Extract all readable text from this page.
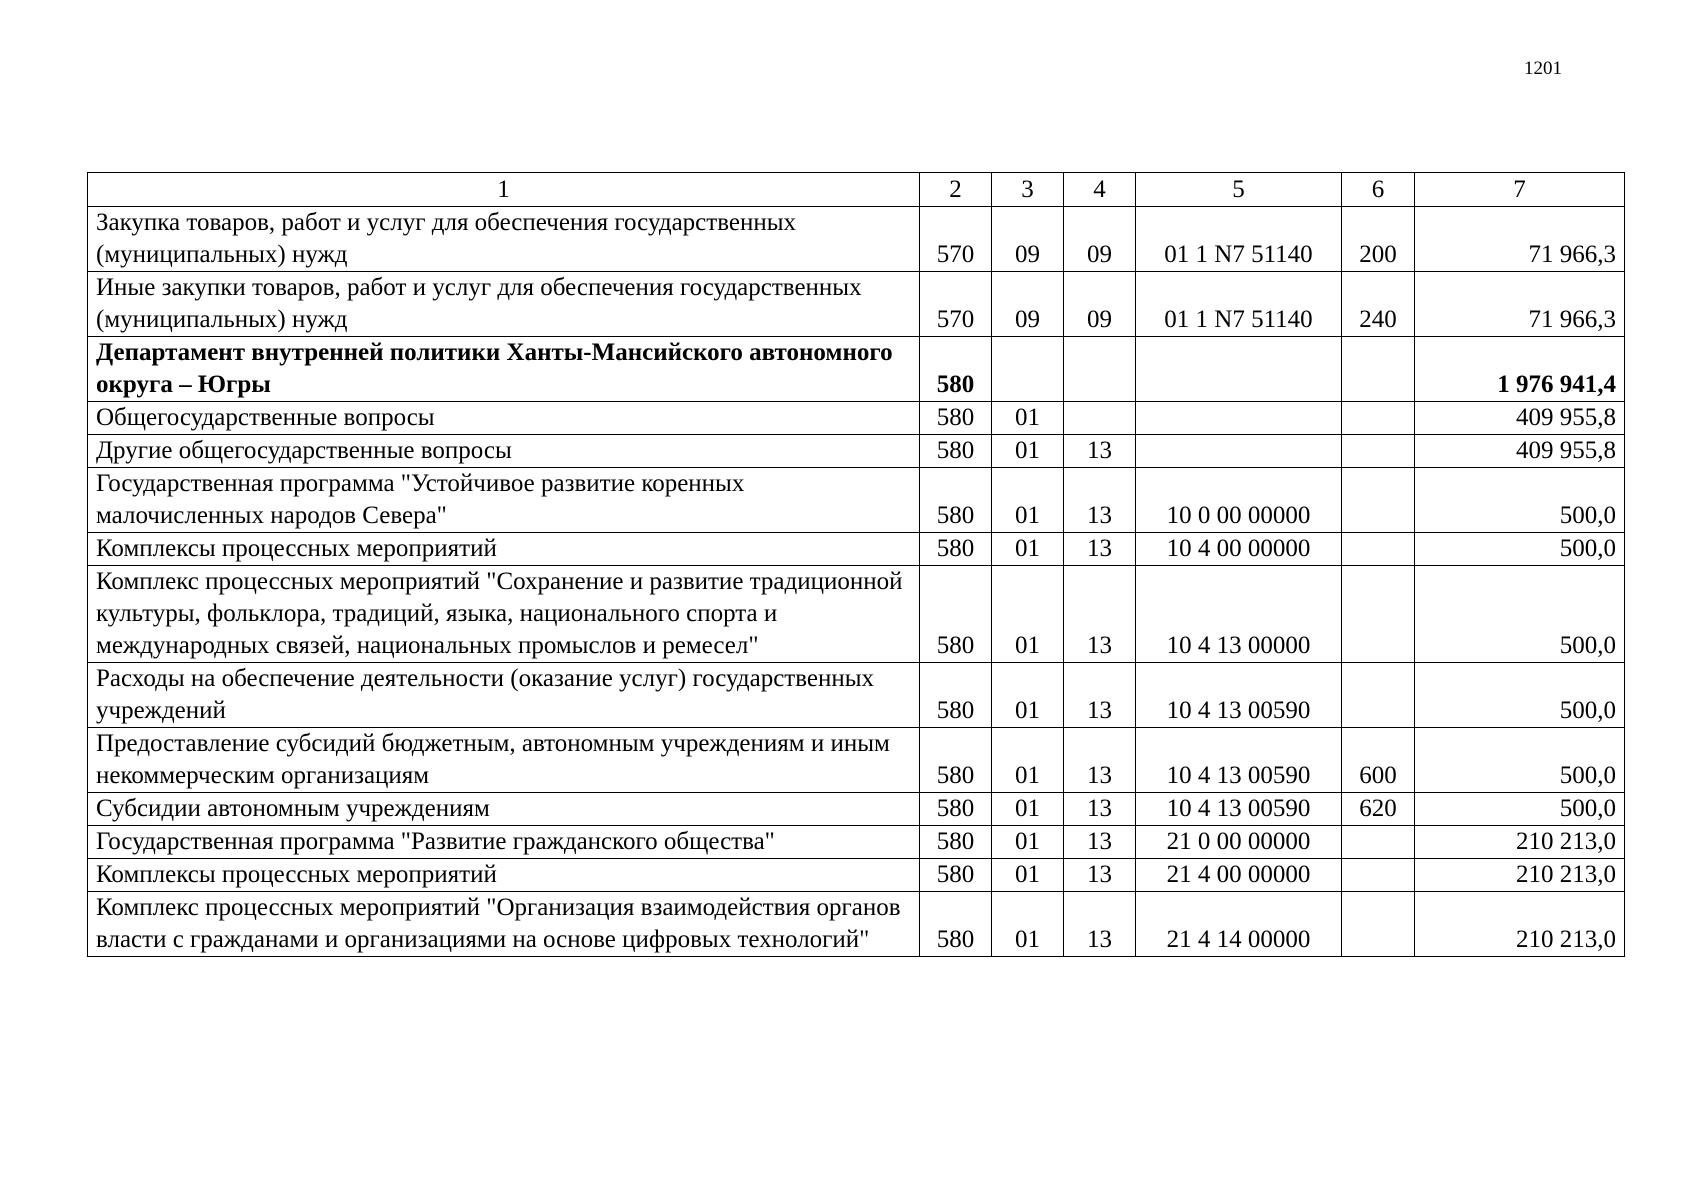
1201
1	2	3	4	5	6	7
Закупка товаров, работ и услуг для обеспечения государственных (муниципальных) нужд	570	09	09	01 1 N7 51140	200	71 966,3
Иные закупки товаров, работ и услуг для обеспечения государственных (муниципальных) нужд	570	09	09	01 1 N7 51140	240	71 966,3
Департамент внутренней политики Ханты-Мансийского автономного округа – Югры	580					1 976 941,4
Общегосударственные вопросы	580	01				409 955,8
Другие общегосударственные вопросы	580	01	13			409 955,8
Государственная программа "Устойчивое развитие коренных малочисленных народов Севера"	580	01	13	10 0 00 00000		500,0
Комплексы процессных мероприятий	580	01	13	10 4 00 00000		500,0
Комплекс процессных мероприятий "Сохранение и развитие традиционной культуры, фольклора, традиций, языка, национального спорта и международных связей, национальных промыслов и ремесел"	580	01	13	10 4 13 00000		500,0
Расходы на обеспечение деятельности (оказание услуг) государственных учреждений	580	01	13	10 4 13 00590		500,0
Предоставление субсидий бюджетным, автономным учреждениям и иным некоммерческим организациям	580	01	13	10 4 13 00590	600	500,0
Субсидии автономным учреждениям	580	01	13	10 4 13 00590	620	500,0
Государственная программа "Развитие гражданского общества"	580	01	13	21 0 00 00000		210 213,0
Комплексы процессных мероприятий	580	01	13	21 4 00 00000		210 213,0
Комплекс процессных мероприятий "Организация взаимодействия органов власти с гражданами и организациями на основе цифровых технологий"	580	01	13	21 4 14 00000		210 213,0
